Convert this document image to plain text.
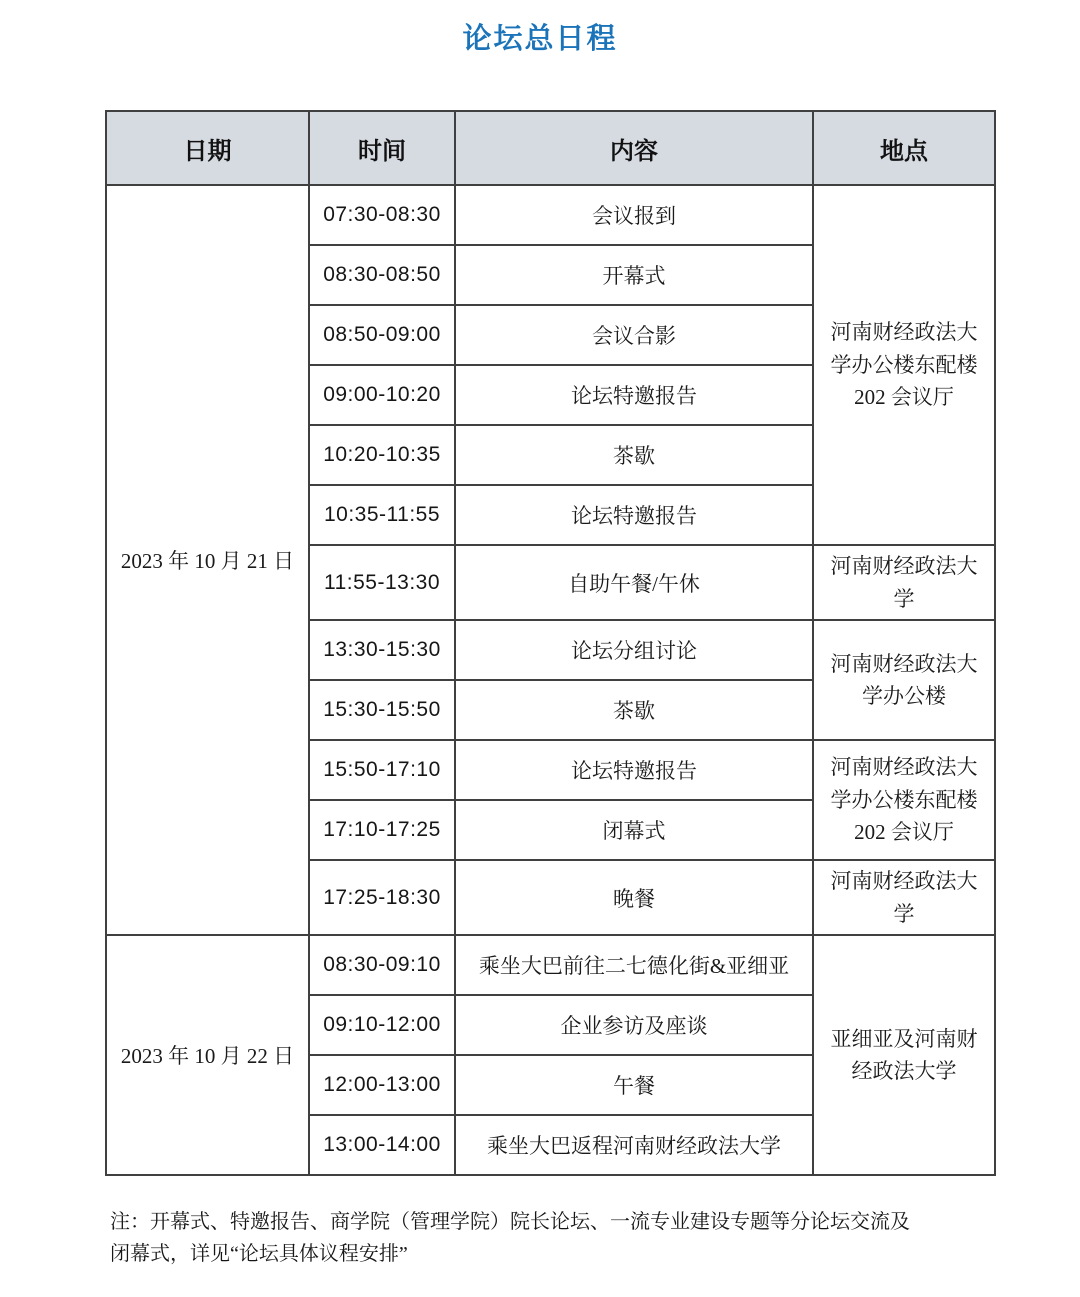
论坛总日程
日期	时间	内容	地点
2023 年 10 月 21 日	07:30-08:30	会议报到	河南财经政法大学办公楼东配楼 202 会议厅
	08:30-08:50	开幕式	
	08:50-09:00	会议合影	
	09:00-10:20	论坛特邀报告	
	10:20-10:35	茶歇	
	10:35-11:55	论坛特邀报告	
	11:55-13:30	自助午餐/午休	河南财经政法大学
	13:30-15:30	论坛分组讨论	河南财经政法大学办公楼
	15:30-15:50	茶歇	
	15:50-17:10	论坛特邀报告	河南财经政法大学办公楼东配楼 202 会议厅
	17:10-17:25	闭幕式	
	17:25-18:30	晚餐	河南财经政法大学
2023 年 10 月 22 日	08:30-09:10	乘坐大巴前往二七德化街&亚细亚	亚细亚及河南财经政法大学
	09:10-12:00	企业参访及座谈	
	12:00-13:00	午餐	
	13:00-14:00	乘坐大巴返程河南财经政法大学	
注：开幕式、特邀报告、商学院（管理学院）院长论坛、一流专业建设专题等分论坛交流及
闭幕式，详见“论坛具体议程安排”
